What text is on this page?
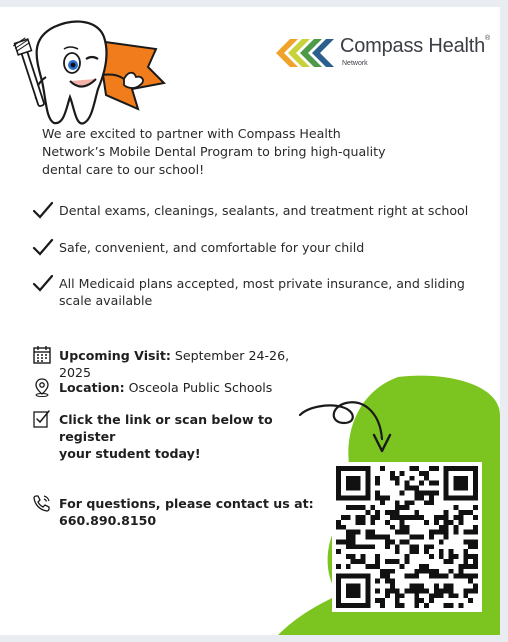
Compass Health®
Network
We are excited to partner with Compass Health
Network’s Mobile Dental Program to bring high-quality
dental care to our school!
Dental exams, cleanings, sealants, and treatment right at school
Safe, convenient, and comfortable for your child
All Medicaid plans accepted, most private insurance, and sliding
scale available
Upcoming Visit: September 24-26, 2025
Location: Osceola Public Schools
Click the link or scan below to register
your student today!
For questions, please contact us at:
660.890.8150
